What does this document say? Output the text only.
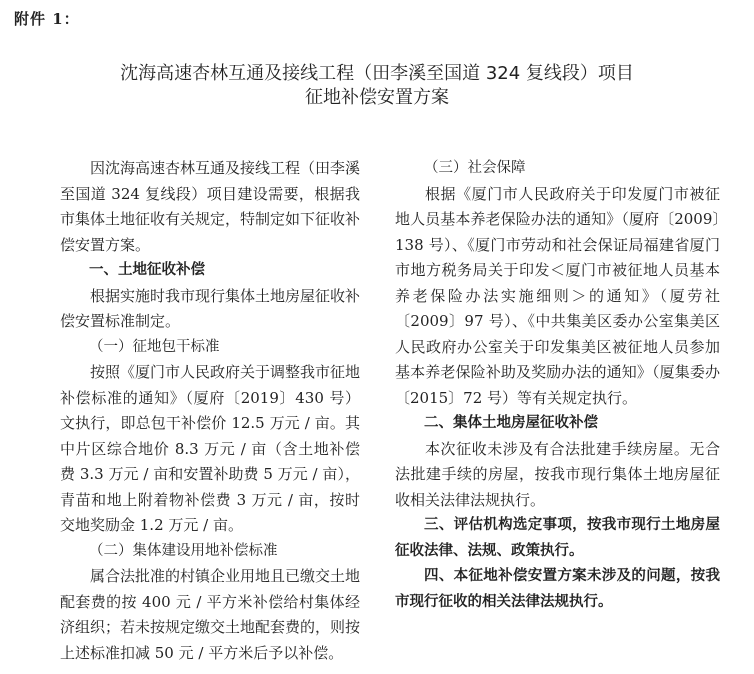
附件 1：
沈海高速杏林互通及接线工程（田李溪至国道 324 复线段）项目
征地补偿安置方案

因沈海高速杏林互通及接线工程（田李溪至国道 324 复线段）项目建设需要，根据我市集体土地征收有关规定，特制定如下征收补偿安置方案。

一、土地征收补偿

根据实施时我市现行集体土地房屋征收补偿安置标准制定。

（一）征地包干标准

按照《厦门市人民政府关于调整我市征地补偿标准的通知》（厦府〔2019〕430 号）文执行，即总包干补偿价 12.5 万元 / 亩。其中片区综合地价 8.3 万元 / 亩（含土地补偿费 3.3 万元 / 亩和安置补助费 5 万元 / 亩），青苗和地上附着物补偿费 3 万元 / 亩，按时交地奖励金 1.2 万元 / 亩。

（二）集体建设用地补偿标准

属合法批准的村镇企业用地且已缴交土地配套费的按 400 元 / 平方米补偿给村集体经济组织；若未按规定缴交土地配套费的，则按上述标准扣减 50 元 / 平方米后予以补偿。

（三）社会保障

根据《厦门市人民政府关于印发厦门市被征地人员基本养老保险办法的通知》（厦府〔2009〕138 号）、《厦门市劳动和社会保证局福建省厦门市地方税务局关于印发＜厦门市被征地人员基本养老保险办法实施细则＞的通知》（厦劳社〔2009〕97 号）、《中共集美区委办公室集美区人民政府办公室关于印发集美区被征地人员参加基本养老保险补助及奖励办法的通知》（厦集委办〔2015〕72 号）等有关规定执行。

二、集体土地房屋征收补偿

本次征收未涉及有合法批建手续房屋。无合法批建手续的房屋，按我市现行集体土地房屋征收相关法律法规执行。

三、评估机构选定事项，按我市现行土地房屋征收法律、法规、政策执行。

四、本征地补偿安置方案未涉及的问题，按我市现行征收的相关法律法规执行。
